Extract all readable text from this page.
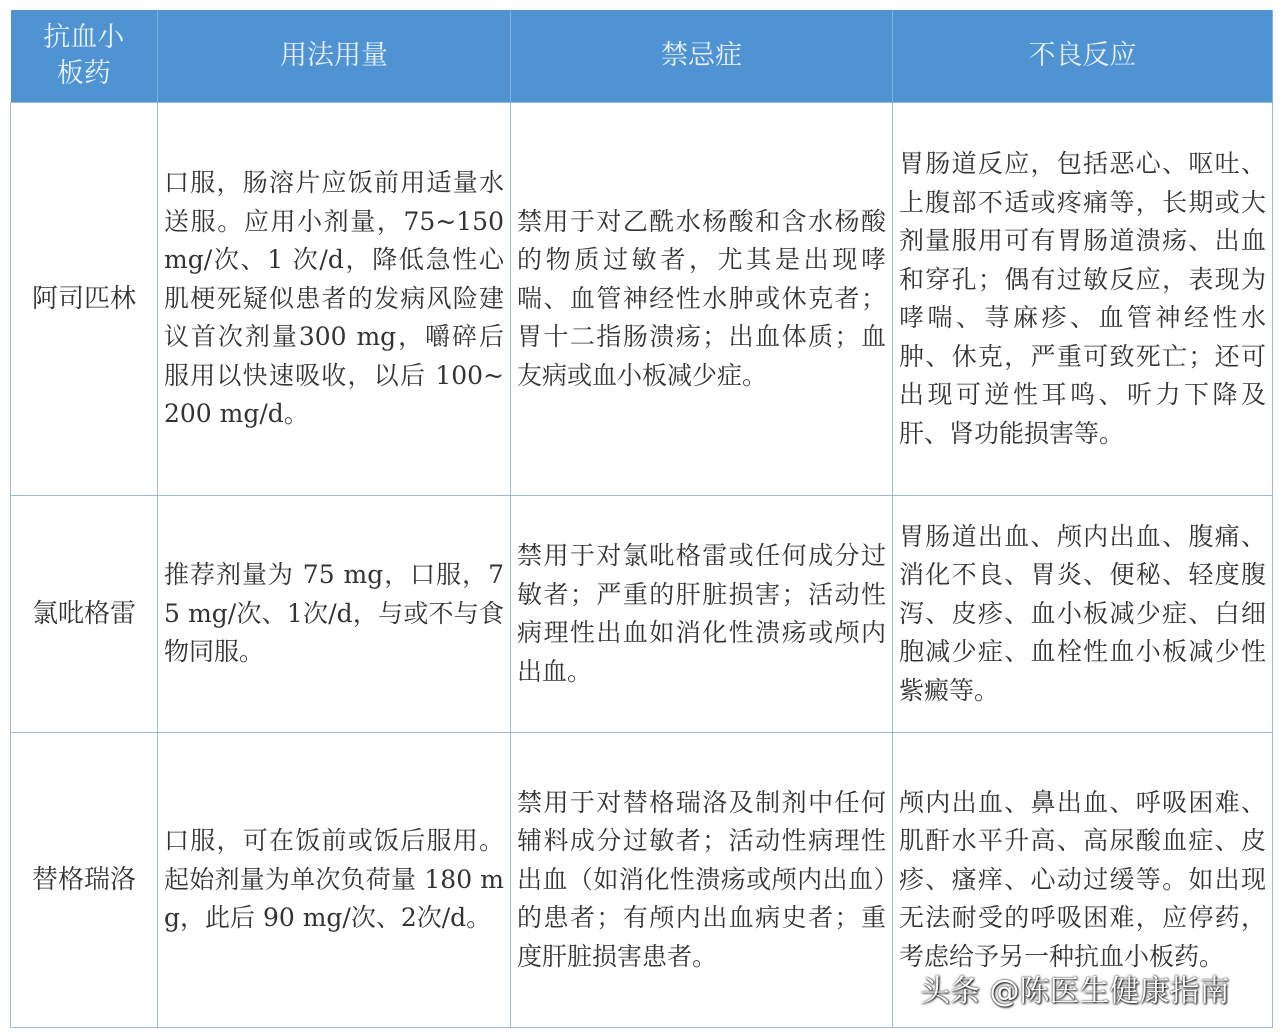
抗血小板药	用法用量	禁忌症	不良反应
阿司匹林	口服，肠溶片应饭前用适量水送服。应用小剂量，75~150 mg/次、1 次/d，降低急性心肌梗死疑似患者的发病风险建议首次剂量300 mg，嚼碎后服用以快速吸收，以后 100~200 mg/d。	禁用于对乙酰水杨酸和含水杨酸的物质过敏者，尤其是出现哮喘、血管神经性水肿或休克者；胃十二指肠溃疡；出血体质；血友病或血小板减少症。	胃肠道反应，包括恶心、呕吐、上腹部不适或疼痛等，长期或大剂量服用可有胃肠道溃疡、出血和穿孔；偶有过敏反应，表现为哮喘、荨麻疹、血管神经性水肿、休克，严重可致死亡；还可出现可逆性耳鸣、听力下降及肝、肾功能损害等。
氯吡格雷	推荐剂量为 75 mg，口服，75 mg/次、1次/d，与或不与食物同服。	禁用于对氯吡格雷或任何成分过敏者；严重的肝脏损害；活动性病理性出血如消化性溃疡或颅内出血。	胃肠道出血、颅内出血、腹痛、消化不良、胃炎、便秘、轻度腹泻、皮疹、血小板减少症、白细胞减少症、血栓性血小板减少性紫癜等。
替格瑞洛	口服，可在饭前或饭后服用。起始剂量为单次负荷量 180 mg，此后 90 mg/次、2次/d。	禁用于对替格瑞洛及制剂中任何辅料成分过敏者；活动性病理性出血（如消化性溃疡或颅内出血）的患者；有颅内出血病史者；重度肝脏损害患者。	颅内出血、鼻出血、呼吸困难、肌酐水平升高、高尿酸血症、皮疹、瘙痒、心动过缓等。如出现无法耐受的呼吸困难，应停药，考虑给予另一种抗血小板药。
头条 @陈医生健康指南
